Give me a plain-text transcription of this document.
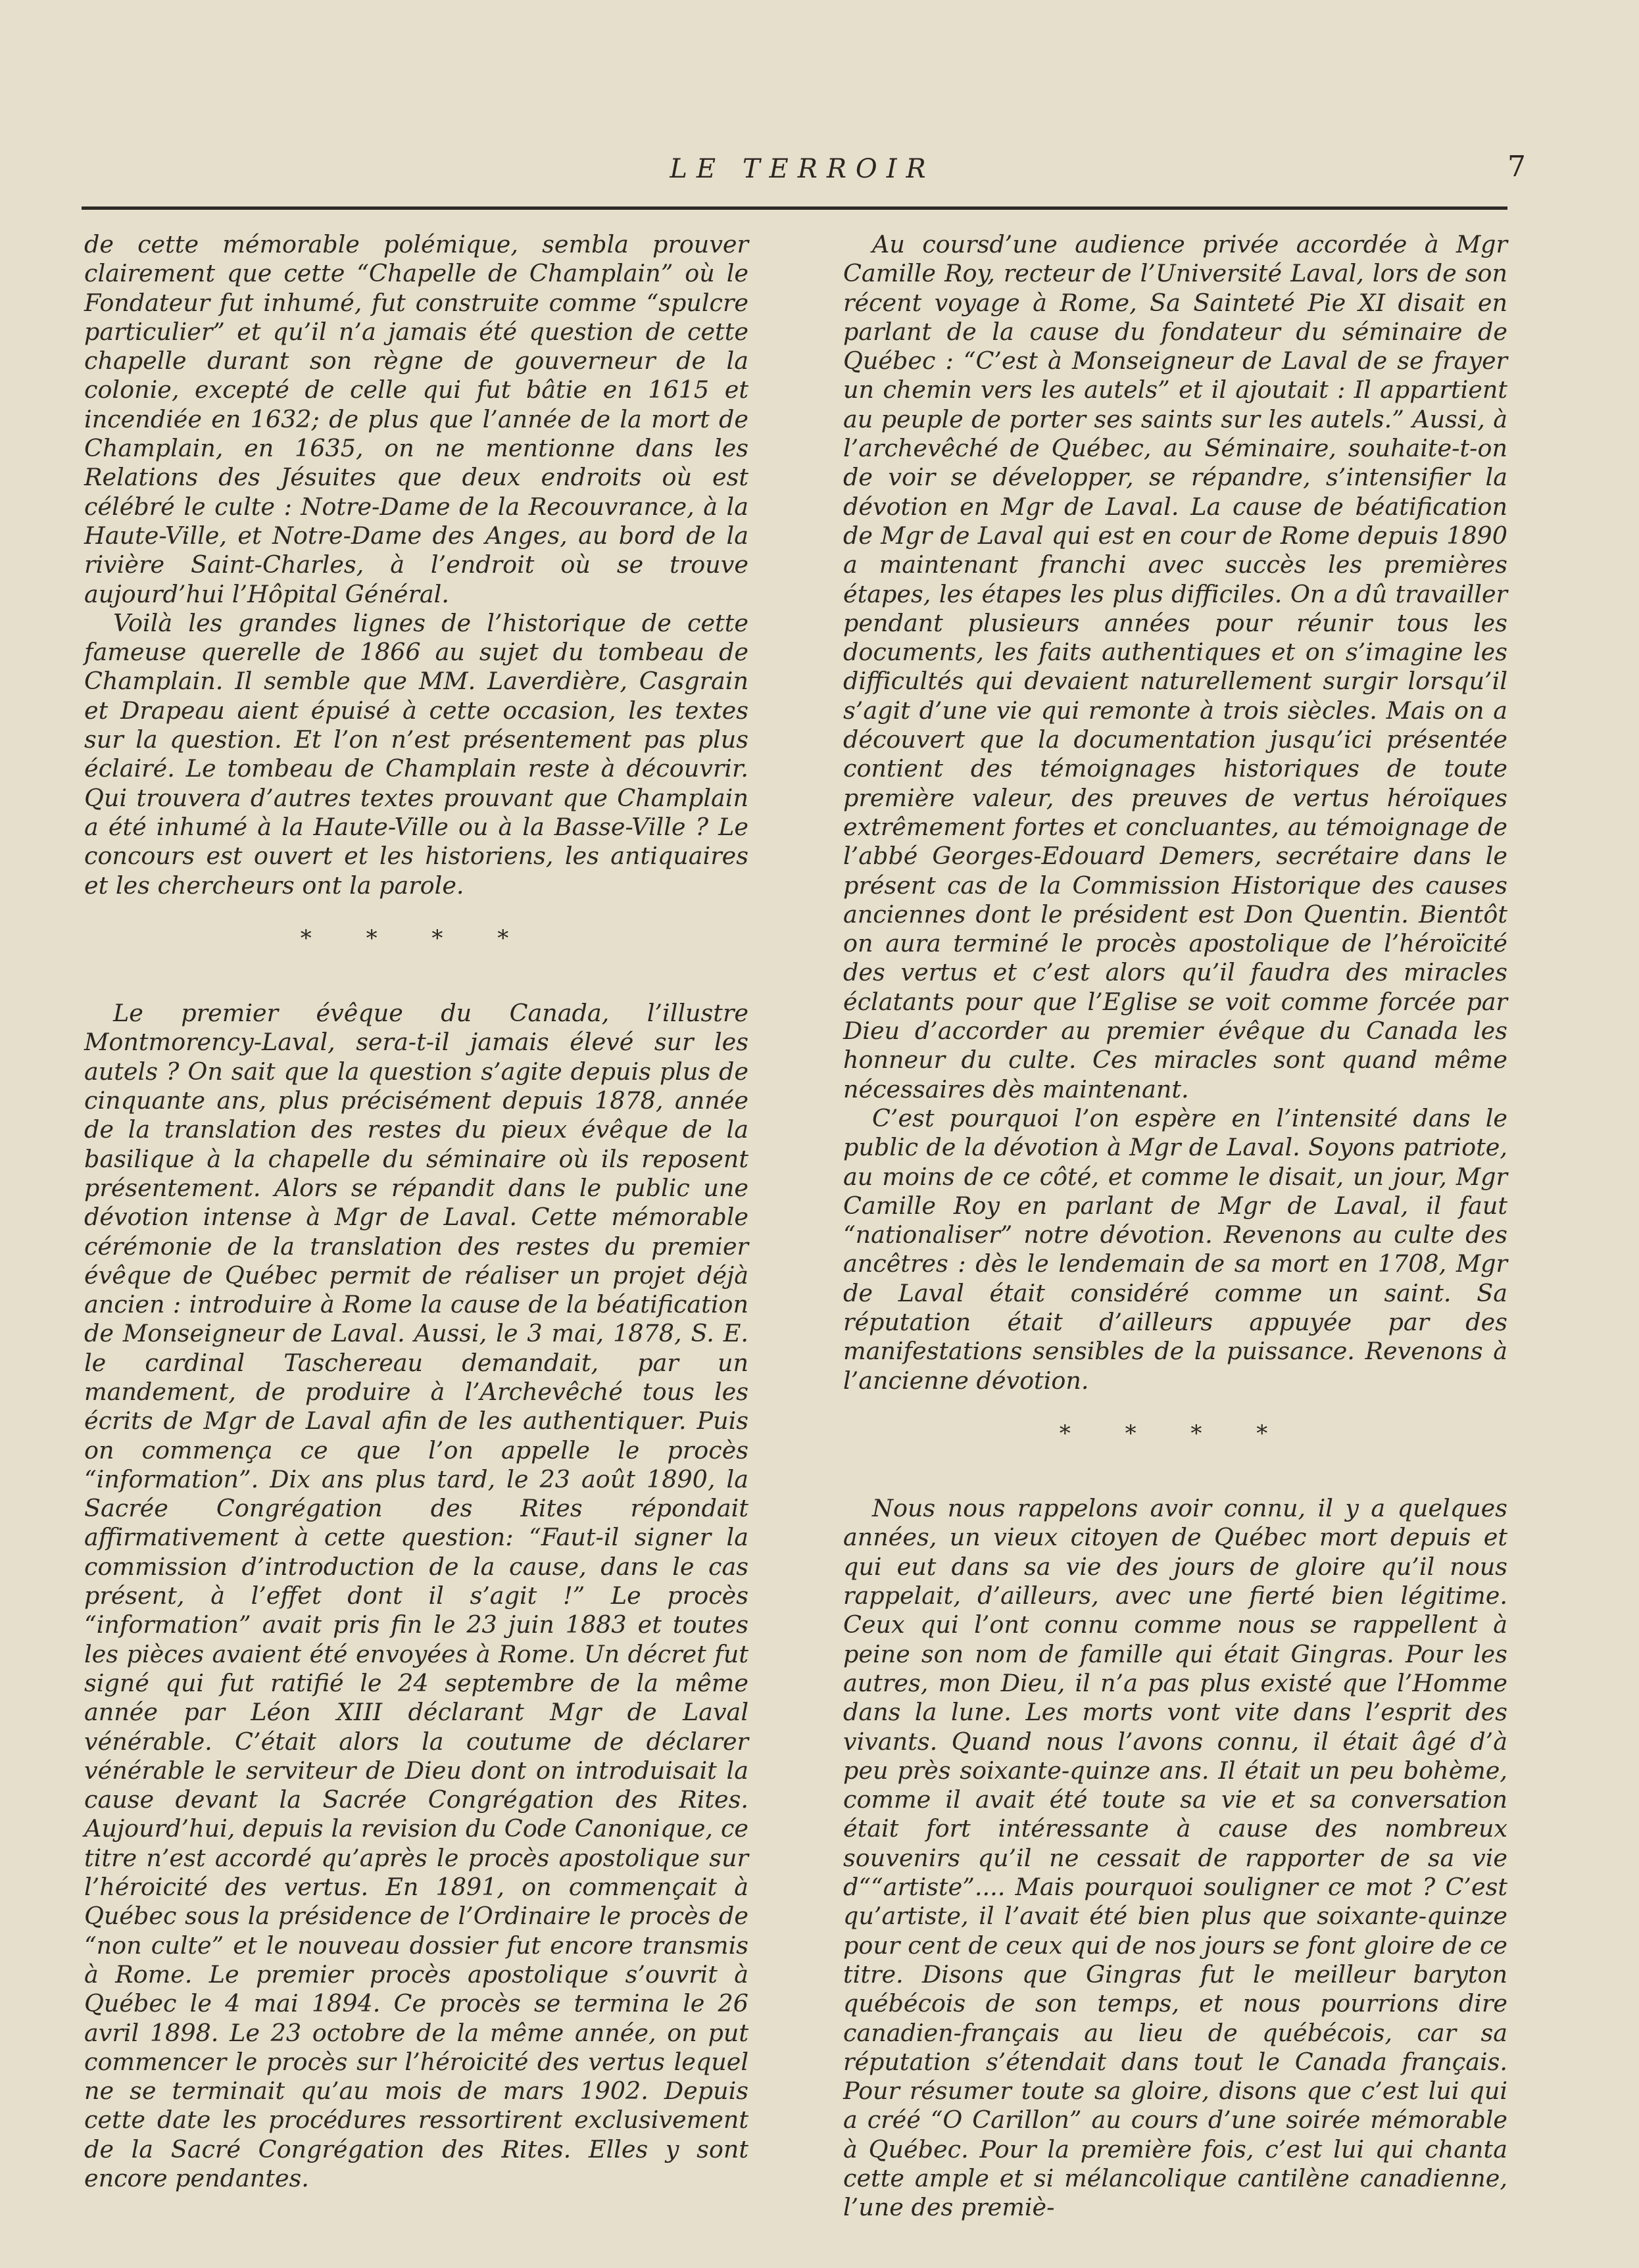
LE TERROIR	7

de cette mémorable polémique, sembla prouver clairement que cette “Chapelle de Champlain” où le Fondateur fut inhumé, fut construite comme “spulcre particulier” et qu’il n’a jamais été question de cette chapelle durant son règne de gouverneur de la colonie, excepté de celle qui fut bâtie en 1615 et incendiée en 1632; de plus que l’année de la mort de Champlain, en 1635, on ne mentionne dans les Relations des Jésuites que deux endroits où est célébré le culte : Notre-Dame de la Recouvrance, à la Haute-Ville, et Notre-Dame des Anges, au bord de la rivière Saint-Charles, à l’endroit où se trouve aujourd’hui l’Hôpital Général.

Voilà les grandes lignes de l’historique de cette fameuse querelle de 1866 au sujet du tombeau de Champlain. Il semble que MM. Laverdière, Casgrain et Drapeau aient épuisé à cette occasion, les textes sur la question. Et l’on n’est présentement pas plus éclairé. Le tombeau de Champlain reste à découvrir. Qui trouvera d’autres textes prouvant que Champlain a été inhumé à la Haute-Ville ou à la Basse-Ville ? Le concours est ouvert et les historiens, les antiquaires et les chercheurs ont la parole.

* * * *

Le premier évêque du Canada, l’illustre Montmorency-Laval, sera-t-il jamais élevé sur les autels ? On sait que la question s’agite depuis plus de cinquante ans, plus précisément depuis 1878, année de la translation des restes du pieux évêque de la basilique à la chapelle du séminaire où ils reposent présentement. Alors se répandit dans le public une dévotion intense à Mgr de Laval. Cette mémorable cérémonie de la translation des restes du premier évêque de Québec permit de réaliser un projet déjà ancien : introduire à Rome la cause de la béatification de Monseigneur de Laval. Aussi, le 3 mai, 1878, S. E. le cardinal Taschereau demandait, par un mandement, de produire à l’Archevêché tous les écrits de Mgr de Laval afin de les authentiquer. Puis on commença ce que l’on appelle le procès “information”. Dix ans plus tard, le 23 août 1890, la Sacrée Congrégation des Rites répondait affirmativement à cette question: “Faut-il signer la commission d’introduction de la cause, dans le cas présent, à l’effet dont il s’agit !” Le procès “information” avait pris fin le 23 juin 1883 et toutes les pièces avaient été envoyées à Rome. Un décret fut signé qui fut ratifié le 24 septembre de la même année par Léon XIII déclarant Mgr de Laval vénérable. C’était alors la coutume de déclarer vénérable le serviteur de Dieu dont on introduisait la cause devant la Sacrée Congrégation des Rites. Aujourd’hui, depuis la revision du Code Canonique, ce titre n’est accordé qu’après le procès apostolique sur l’héroicité des vertus. En 1891, on commençait à Québec sous la présidence de l’Ordinaire le procès de “non culte” et le nouveau dossier fut encore transmis à Rome. Le premier procès apostolique s’ouvrit à Québec le 4 mai 1894. Ce procès se termina le 26 avril 1898. Le 23 octobre de la même année, on put commencer le procès sur l’héroicité des vertus lequel ne se terminait qu’au mois de mars 1902. Depuis cette date les procédures ressortirent exclusivement de la Sacré Congrégation des Rites. Elles y sont encore pendantes.

Au coursd’une audience privée accordée à Mgr Camille Roy, recteur de l’Université Laval, lors de son récent voyage à Rome, Sa Sainteté Pie XI disait en parlant de la cause du fondateur du séminaire de Québec : “C’est à Monseigneur de Laval de se frayer un chemin vers les autels” et il ajoutait : Il appartient au peuple de porter ses saints sur les autels.” Aussi, à l’archevêché de Québec, au Séminaire, souhaite-t-on de voir se développer, se répandre, s’intensifier la dévotion en Mgr de Laval. La cause de béatification de Mgr de Laval qui est en cour de Rome depuis 1890 a maintenant franchi avec succès les premières étapes, les étapes les plus difficiles. On a dû travailler pendant plusieurs années pour réunir tous les documents, les faits authentiques et on s’imagine les difficultés qui devaient naturellement surgir lorsqu’il s’agit d’une vie qui remonte à trois siècles. Mais on a découvert que la documentation jusqu’ici présentée contient des témoignages historiques de toute première valeur, des preuves de vertus héroïques extrêmement fortes et concluantes, au témoignage de l’abbé Georges-Edouard Demers, secrétaire dans le présent cas de la Commission Historique des causes anciennes dont le président est Don Quentin. Bientôt on aura terminé le procès apostolique de l’héroïcité des vertus et c’est alors qu’il faudra des miracles éclatants pour que l’Eglise se voit comme forcée par Dieu d’accorder au premier évêque du Canada les honneur du culte. Ces miracles sont quand même nécessaires dès maintenant.

C’est pourquoi l’on espère en l’intensité dans le public de la dévotion à Mgr de Laval. Soyons patriote, au moins de ce côté, et comme le disait, un jour, Mgr Camille Roy en parlant de Mgr de Laval, il faut “nationaliser” notre dévotion. Revenons au culte des ancêtres : dès le lendemain de sa mort en 1708, Mgr de Laval était considéré comme un saint. Sa réputation était d’ailleurs appuyée par des manifestations sensibles de la puissance. Revenons à l’ancienne dévotion.

* * * *

Nous nous rappelons avoir connu, il y a quelques années, un vieux citoyen de Québec mort depuis et qui eut dans sa vie des jours de gloire qu’il nous rappelait, d’ailleurs, avec une fierté bien légitime. Ceux qui l’ont connu comme nous se rappellent à peine son nom de famille qui était Gingras. Pour les autres, mon Dieu, il n’a pas plus existé que l’Homme dans la lune. Les morts vont vite dans l’esprit des vivants. Quand nous l’avons connu, il était âgé d’à peu près soixante-quinze ans. Il était un peu bohème, comme il avait été toute sa vie et sa conversation était fort intéressante à cause des nombreux souvenirs qu’il ne cessait de rapporter de sa vie d““artiste”.... Mais pourquoi souligner ce mot ? C’est qu’artiste, il l’avait été bien plus que soixante-quinze pour cent de ceux qui de nos jours se font gloire de ce titre. Disons que Gingras fut le meilleur baryton québécois de son temps, et nous pourrions dire canadien-français au lieu de québécois, car sa réputation s’étendait dans tout le Canada français. Pour résumer toute sa gloire, disons que c’est lui qui a créé “O Carillon” au cours d’une soirée mémorable à Québec. Pour la première fois, c’est lui qui chanta cette ample et si mélancolique cantilène canadienne, l’une des premiè-
